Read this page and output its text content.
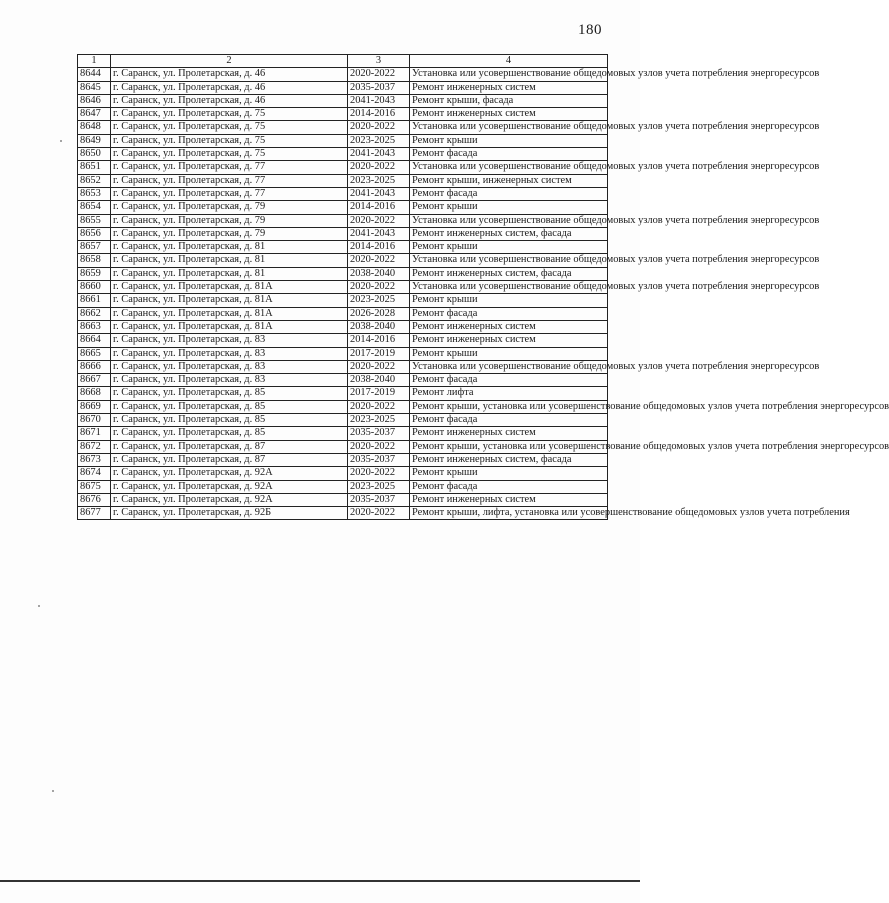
180
1	2	3	4
8644	г. Саранск, ул. Пролетарская, д. 46	2020-2022	Установка или усовершенствование общедомовых узлов учета потребления энергоресурсов
8645	г. Саранск, ул. Пролетарская, д. 46	2035-2037	Ремонт инженерных систем
8646	г. Саранск, ул. Пролетарская, д. 46	2041-2043	Ремонт крыши, фасада
8647	г. Саранск, ул. Пролетарская, д. 75	2014-2016	Ремонт инженерных систем
8648	г. Саранск, ул. Пролетарская, д. 75	2020-2022	Установка или усовершенствование общедомовых узлов учета потребления энергоресурсов
8649	г. Саранск, ул. Пролетарская, д. 75	2023-2025	Ремонт крыши
8650	г. Саранск, ул. Пролетарская, д. 75	2041-2043	Ремонт фасада
8651	г. Саранск, ул. Пролетарская, д. 77	2020-2022	Установка или усовершенствование общедомовых узлов учета потребления энергоресурсов
8652	г. Саранск, ул. Пролетарская, д. 77	2023-2025	Ремонт крыши, инженерных систем
8653	г. Саранск, ул. Пролетарская, д. 77	2041-2043	Ремонт фасада
8654	г. Саранск, ул. Пролетарская, д. 79	2014-2016	Ремонт крыши
8655	г. Саранск, ул. Пролетарская, д. 79	2020-2022	Установка или усовершенствование общедомовых узлов учета потребления энергоресурсов
8656	г. Саранск, ул. Пролетарская, д. 79	2041-2043	Ремонт инженерных систем, фасада
8657	г. Саранск, ул. Пролетарская, д. 81	2014-2016	Ремонт крыши
8658	г. Саранск, ул. Пролетарская, д. 81	2020-2022	Установка или усовершенствование общедомовых узлов учета потребления энергоресурсов
8659	г. Саранск, ул. Пролетарская, д. 81	2038-2040	Ремонт инженерных систем, фасада
8660	г. Саранск, ул. Пролетарская, д. 81А	2020-2022	Установка или усовершенствование общедомовых узлов учета потребления энергоресурсов
8661	г. Саранск, ул. Пролетарская, д. 81А	2023-2025	Ремонт крыши
8662	г. Саранск, ул. Пролетарская, д. 81А	2026-2028	Ремонт фасада
8663	г. Саранск, ул. Пролетарская, д. 81А	2038-2040	Ремонт инженерных систем
8664	г. Саранск, ул. Пролетарская, д. 83	2014-2016	Ремонт инженерных систем
8665	г. Саранск, ул. Пролетарская, д. 83	2017-2019	Ремонт крыши
8666	г. Саранск, ул. Пролетарская, д. 83	2020-2022	Установка или усовершенствование общедомовых узлов учета потребления энергоресурсов
8667	г. Саранск, ул. Пролетарская, д. 83	2038-2040	Ремонт фасада
8668	г. Саранск, ул. Пролетарская, д. 85	2017-2019	Ремонт лифта
8669	г. Саранск, ул. Пролетарская, д. 85	2020-2022	Ремонт крыши, установка или усовершенствование общедомовых узлов учета потребления энергоресурсов
8670	г. Саранск, ул. Пролетарская, д. 85	2023-2025	Ремонт фасада
8671	г. Саранск, ул. Пролетарская, д. 85	2035-2037	Ремонт инженерных систем
8672	г. Саранск, ул. Пролетарская, д. 87	2020-2022	Ремонт крыши, установка или усовершенствование общедомовых узлов учета потребления энергоресурсов
8673	г. Саранск, ул. Пролетарская, д. 87	2035-2037	Ремонт инженерных систем, фасада
8674	г. Саранск, ул. Пролетарская, д. 92А	2020-2022	Ремонт крыши
8675	г. Саранск, ул. Пролетарская, д. 92А	2023-2025	Ремонт фасада
8676	г. Саранск, ул. Пролетарская, д. 92А	2035-2037	Ремонт инженерных систем
8677	г. Саранск, ул. Пролетарская, д. 92Б	2020-2022	Ремонт крыши, лифта, установка или усовершенствование общедомовых узлов учета потребления
